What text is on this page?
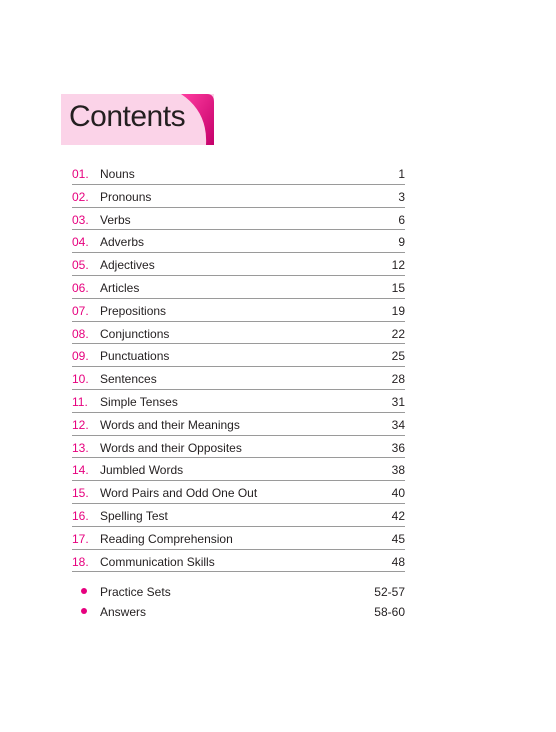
Contents
01. Nouns	1
02. Pronouns	3
03. Verbs	6
04. Adverbs	9
05. Adjectives	12
06. Articles	15
07. Prepositions	19
08. Conjunctions	22
09. Punctuations	25
10. Sentences	28
11. Simple Tenses	31
12. Words and their Meanings	34
13. Words and their Opposites	36
14. Jumbled Words	38
15. Word Pairs and Odd One Out	40
16. Spelling Test	42
17. Reading Comprehension	45
18. Communication Skills	48
Practice Sets	52-57
Answers	58-60
